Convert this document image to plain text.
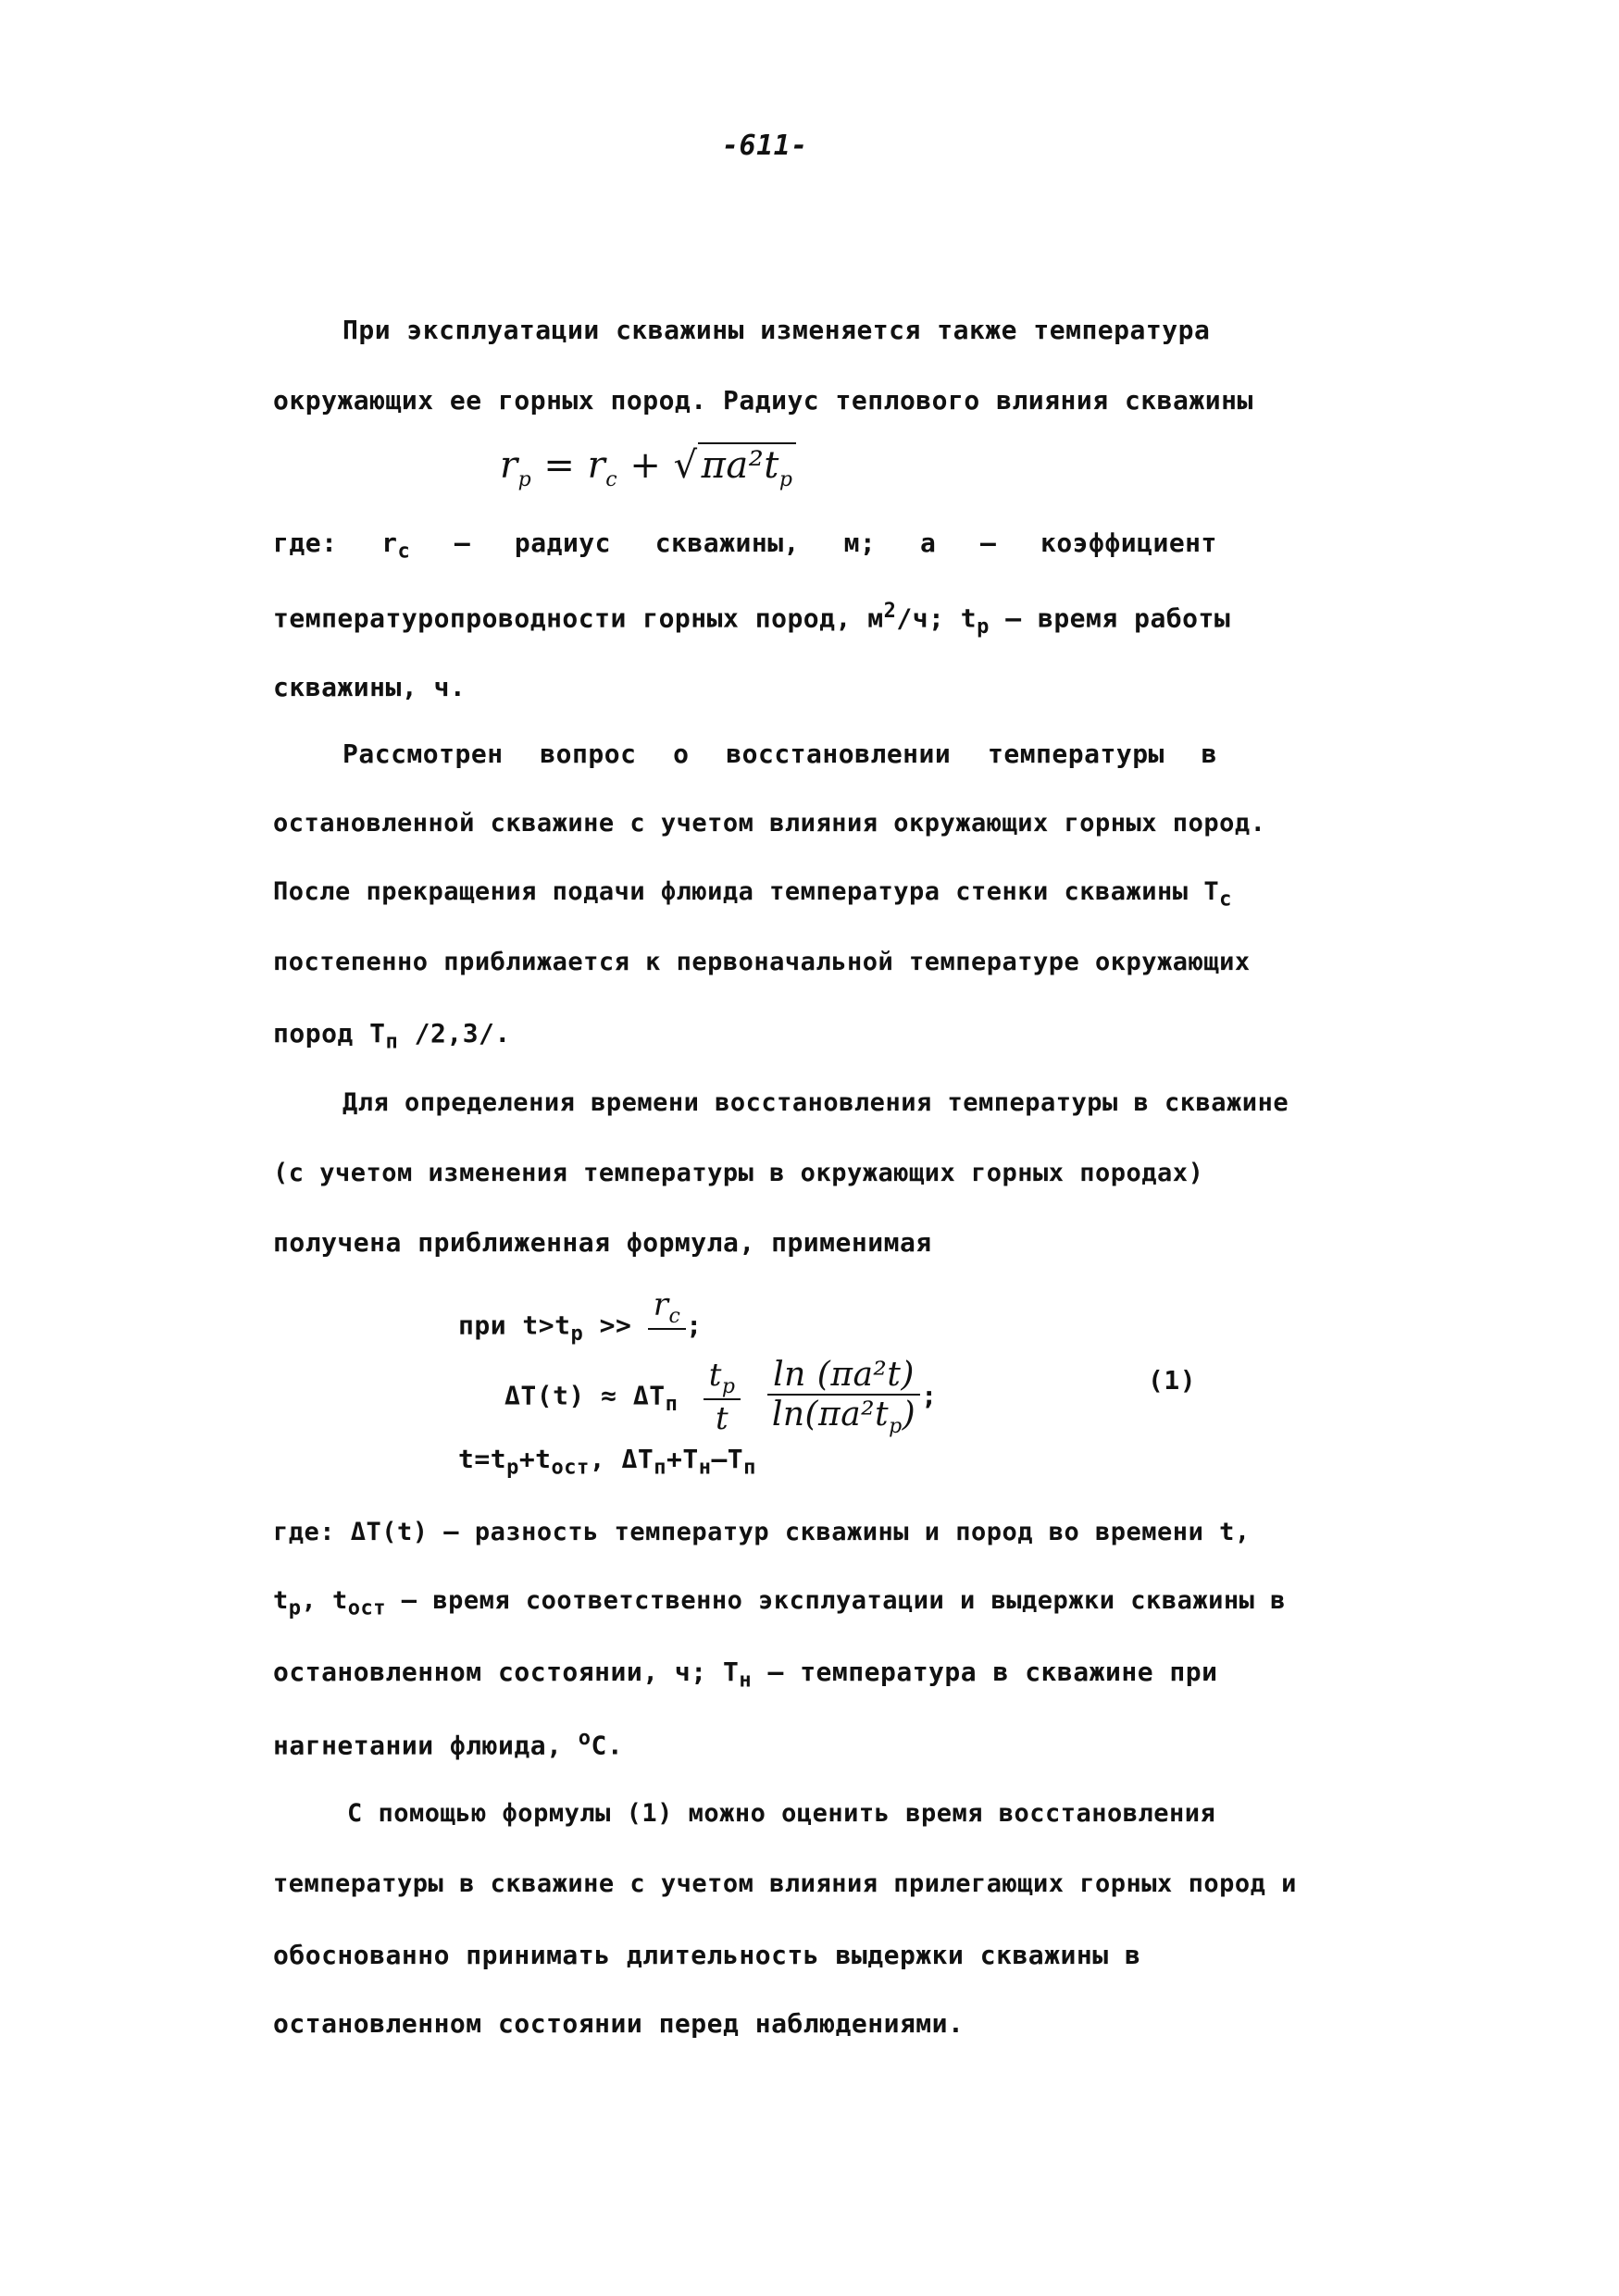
-611-
При эксплуатации скважины изменяется также температура
окружающих ее горных пород. Радиус теплового влияния скважины
$r_p = r_c$ + √ $\pi a^2t_p$
где: $r_c$ – радиус скважины, м; a – коэффициент
температуропроводности горных пород, $м^2/ч$; $t_p$ – время работы
скважины, ч.
Рассмотрен вопрос о восстановлении температуры в
остановленной скважине с учетом влияния окружающих горных пород.
После прекращения подачи флюида температура стенки скважины $T_c$
постепенно приближается к первоначальной температуре окружающих
пород $T_п$ /2,3/.
Для определения времени восстановления температуры в скважине
(с учетом изменения температуры в окружающих горных породах)
получена приближенная формула, применимая
при $t>t_p$ >>
$r_c$
;
$\Delta T(t) \approx \Delta T_п \frac{t_p}{t}$
$\frac{\text{ln (πa²t)}}{\ln(\pi a^2t_p)}$ ;
(1)
$t=t_p+t_{ост}$, $\Delta T_п+T_н-T_п$
где: ΔT(t) – разность температур скважины и пород во времени t,
$t_p$, $t_{ост}$ – время соответственно эксплуатации и выдержки скважины в
остановленном состоянии, ч; $T_н$ – температура в скважине при
нагнетании флюида, $^o$C.
С помощью формулы (1) можно оценить время восстановления
температуры в скважине с учетом влияния прилегающих горных пород и
обоснованно принимать длительность выдержки скважины в
остановленном состоянии перед наблюдениями.
